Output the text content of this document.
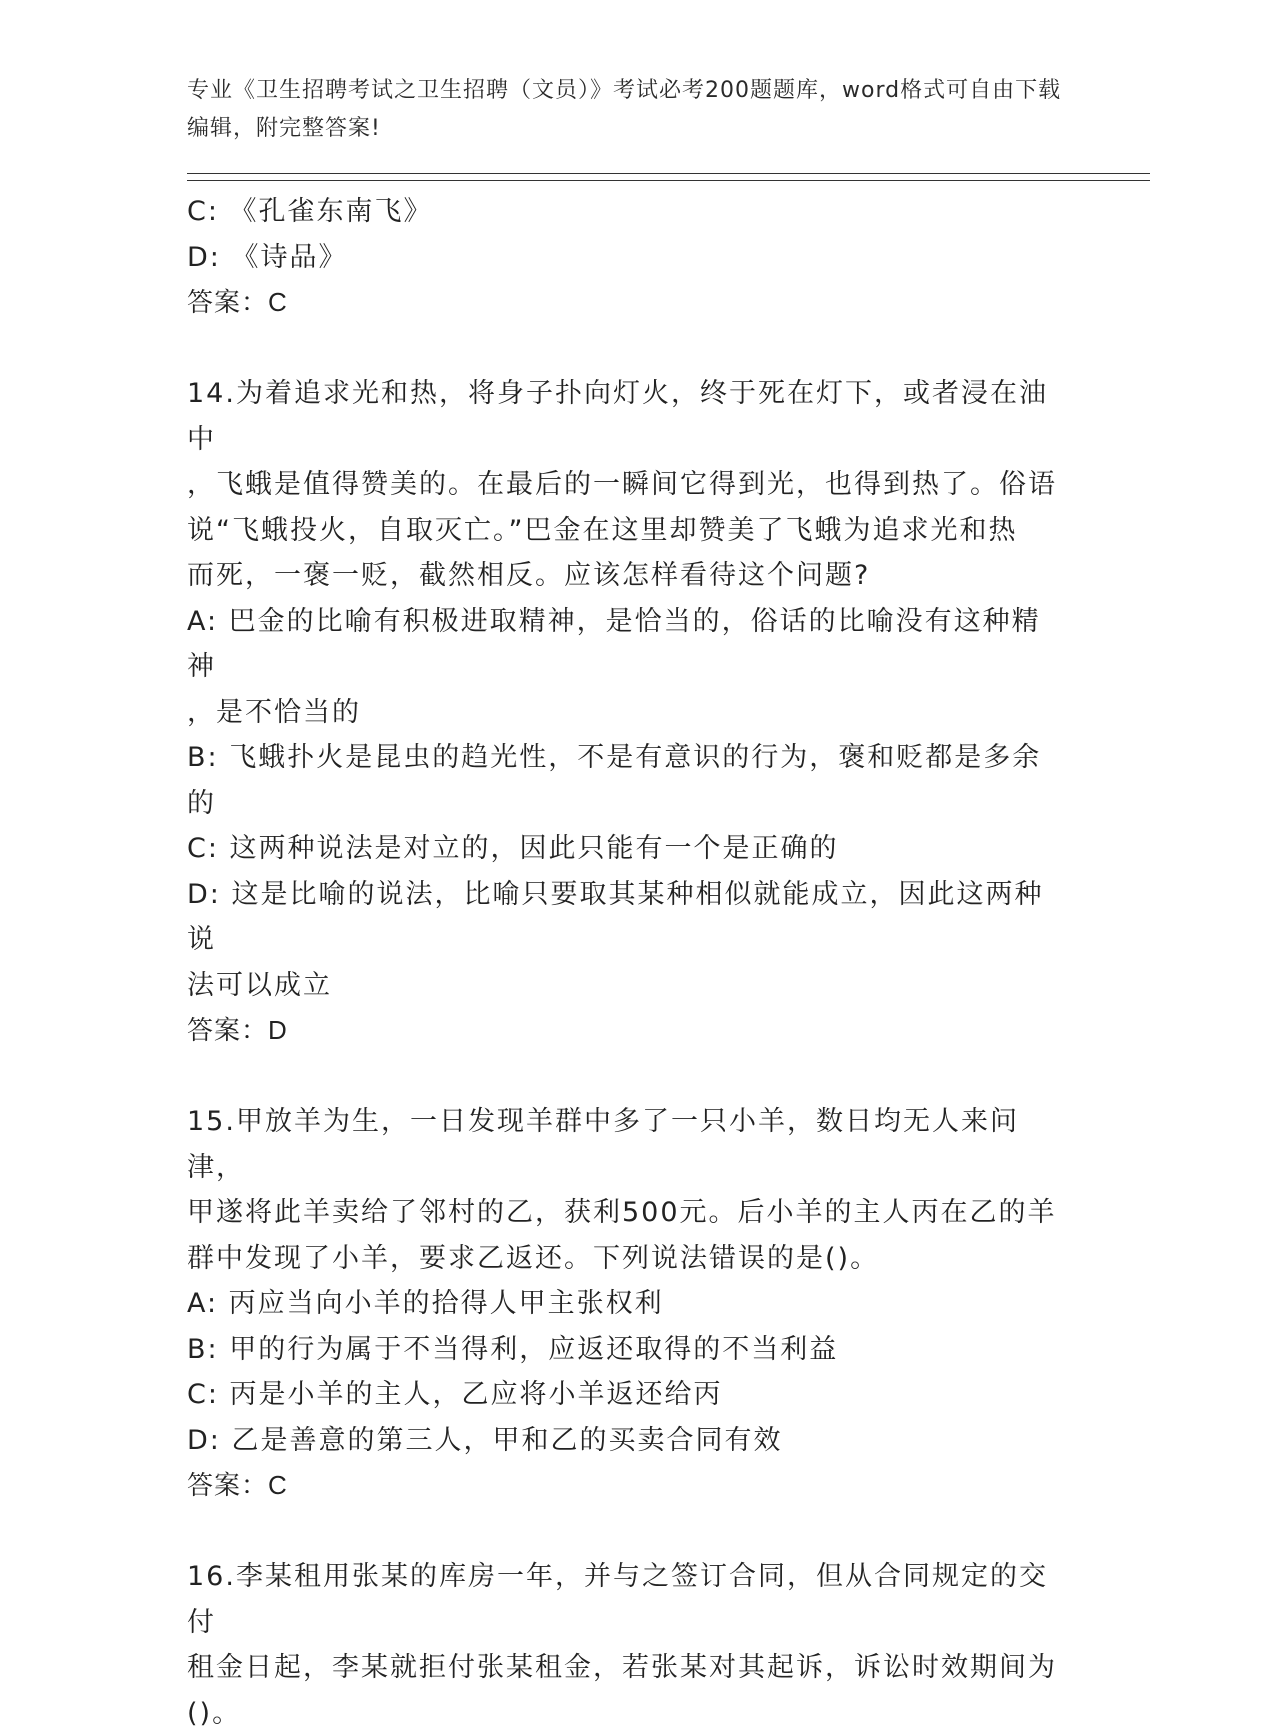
专业《卫生招聘考试之卫生招聘（文员）》考试必考200题题库，word格式可自由下载编辑，附完整答案!
C: 《孔雀东南飞》
D: 《诗品》
答案：C
14.为着追求光和热，将身子扑向灯火，终于死在灯下，或者浸在油中
，飞蛾是值得赞美的。在最后的一瞬间它得到光，也得到热了。俗语
说“飞蛾投火，自取灭亡。”巴金在这里却赞美了飞蛾为追求光和热
而死，一褒一贬，截然相反。应该怎样看待这个问题?
A: 巴金的比喻有积极进取精神，是恰当的，俗话的比喻没有这种精神
，是不恰当的
B: 飞蛾扑火是昆虫的趋光性，不是有意识的行为，褒和贬都是多余的
C: 这两种说法是对立的，因此只能有一个是正确的
D: 这是比喻的说法，比喻只要取其某种相似就能成立，因此这两种说
法可以成立
答案：D
15.甲放羊为生，一日发现羊群中多了一只小羊，数日均无人来问津，
甲遂将此羊卖给了邻村的乙，获利500元。后小羊的主人丙在乙的羊
群中发现了小羊，要求乙返还。下列说法错误的是()。
A: 丙应当向小羊的拾得人甲主张权利
B: 甲的行为属于不当得利，应返还取得的不当利益
C: 丙是小羊的主人，乙应将小羊返还给丙
D: 乙是善意的第三人，甲和乙的买卖合同有效
答案：C
16.李某租用张某的库房一年，并与之签订合同，但从合同规定的交付
租金日起，李某就拒付张某租金，若张某对其起诉，诉讼时效期间为
()。
